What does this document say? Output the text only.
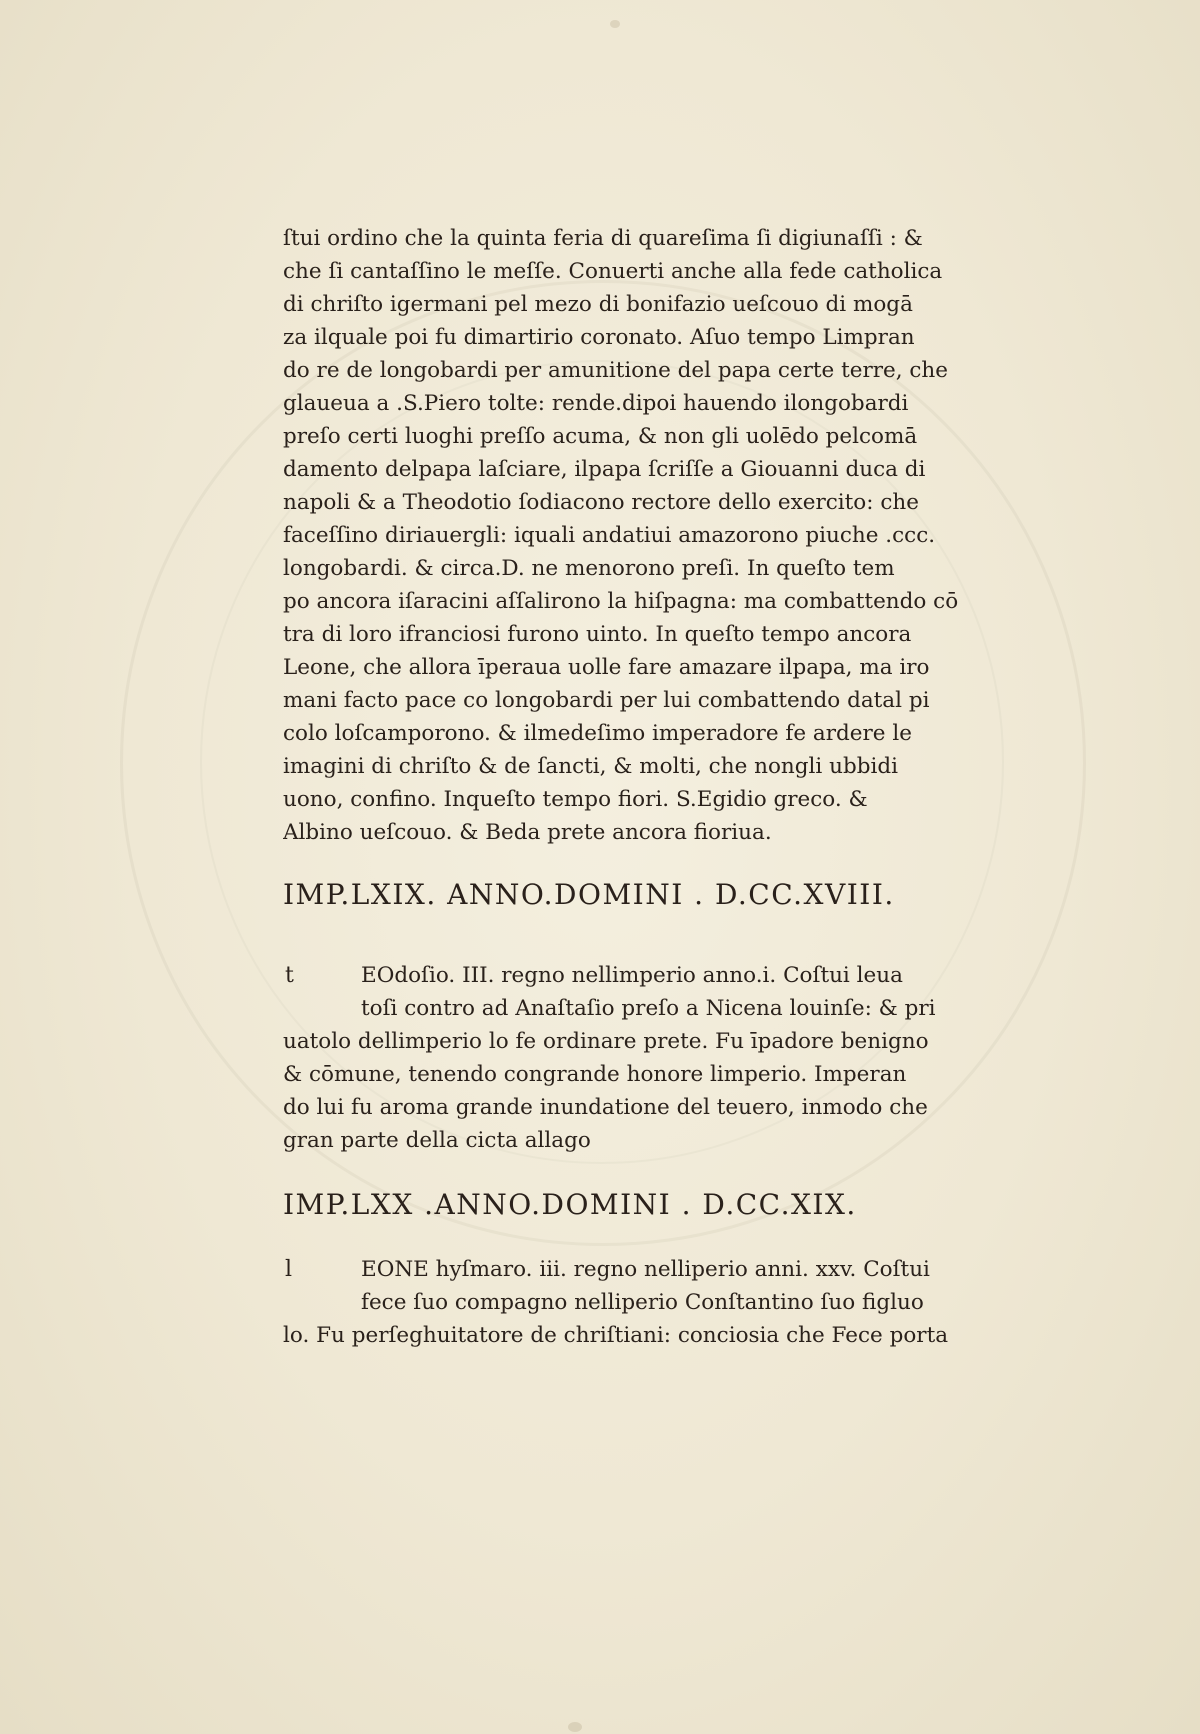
ſtui ordino che la quinta feria di quareſima ſi digiunaſſi : &
che ſi cantaſſino le meſſe. Conuerti anche alla fede catholica
di chriſto igermani pel mezo di bonifazio ueſcouo di mogā
za ilquale poi fu dimartirio coronato. Aſuo tempo Limpran
do re de longobardi per amunitione del papa certe terre, che
glaueua a .S.Piero tolte: rende.dipoi hauendo ilongobardi
preſo certi luoghi preſſo acuma, & non gli uolēdo pelcomā
damento delpapa laſciare, ilpapa ſcriſſe a Giouanni duca di
napoli & a Theodotio ſodiacono rectore dello exercito: che
faceſſino diriauergli: iquali andatiui amazorono piuche .ccc.
longobardi. & circa.D. ne menorono preſi. In queſto tem
po ancora iſaracini aſſalirono la hiſpagna: ma combattendo cō
tra di loro ifranciosi furono uinto. In queſto tempo ancora
Leone, che allora īperaua uolle fare amazare ilpapa, ma iro
mani facto pace co longobardi per lui combattendo datal pi
colo loſcamporono. & ilmedeſimo imperadore fe ardere le
imagini di chriſto & de ſancti, & molti, che nongli ubbidi
uono, confino. Inqueſto tempo fiori. S.Egidio greco. &
Albino ueſcouo. & Beda prete ancora fioriua.
IMP.LXIX. ANNO.DOMINI . D.CC.XVIII.
t	EOdoſio. III. regno nellimperio anno.i. Coſtui leua
toſi contro ad Anaſtaſio preſo a Nicena louinſe: & pri
uatolo dellimperio lo fe ordinare prete. Fu īpadore benigno
& cōmune, tenendo congrande honore limperio. Imperan
do lui fu aroma grande inundatione del teuero, inmodo che
gran parte della cicta allago
IMP.LXX .ANNO.DOMINI . D.CC.XIX.
l	EONE hyſmaro. iii. regno nelliperio anni. xxv. Coſtui
fece ſuo compagno nelliperio Conſtantino ſuo figluo
lo. Fu perſeghuitatore de chriſtiani: conciosia che Fece porta
